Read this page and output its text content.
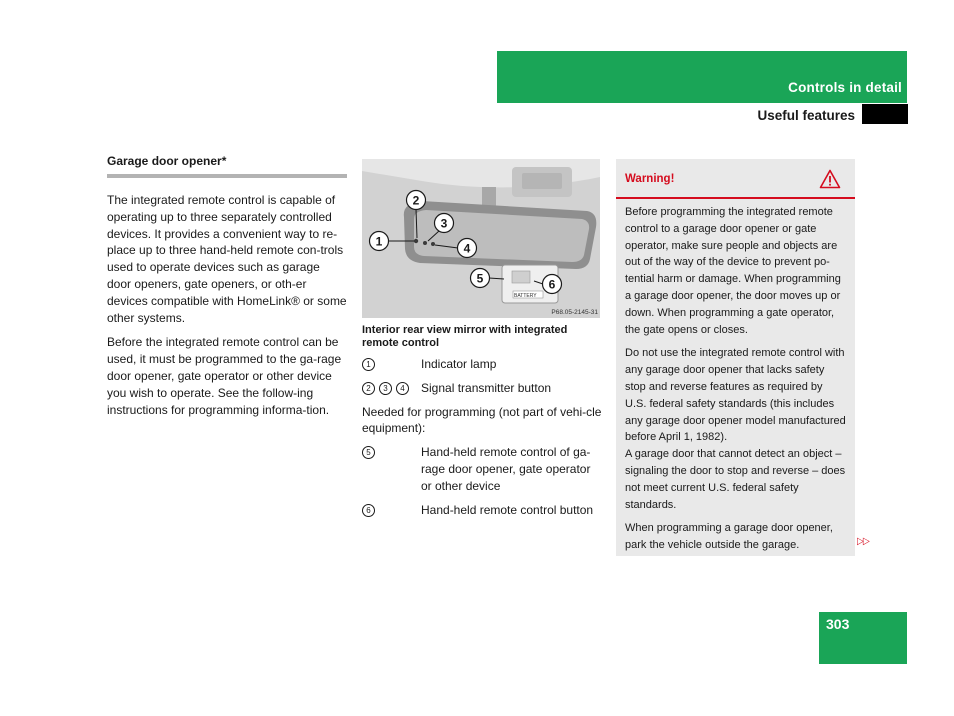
Controls in detail
Useful features
Garage door opener*

The integrated remote control is capable of operating up to three separately controlled devices. It provides a convenient way to re-place up to three hand-held remote con-trols used to operate devices such as garage door openers, gate openers, or oth-er devices compatible with HomeLink® or some other systems.

Before the integrated remote control can be used, it must be programmed to the ga-rage door opener, gate operator or other device you wish to operate. See the follow-ing instructions for programming informa-tion.

BATTERY
1
2
3
4
5	6
P68.05-2145-31
Interior rear view mirror with integrated remote control
1	Indicator lamp
2 3 4	Signal transmitter button
Needed for programming (not part of vehi-cle equipment):
5	Hand-held remote control of ga-rage door opener, gate operator or other device
6	Hand-held remote control button
Warning!

Before programming the integrated remote control to a garage door opener or gate operator, make sure people and objects are out of the way of the device to prevent po-tential harm or damage. When programming a garage door opener, the door moves up or down. When programming a gate operator, the gate opens or closes.

Do not use the integrated remote control with any garage door opener that lacks safety stop and reverse features as required by U.S. federal safety standards (this includes any garage door opener model manufactured before April 1, 1982).
A garage door that cannot detect an object – signaling the door to stop and reverse – does not meet current U.S. federal safety standards.

When programming a garage door opener, park the vehicle outside the garage.	▷▷
303
